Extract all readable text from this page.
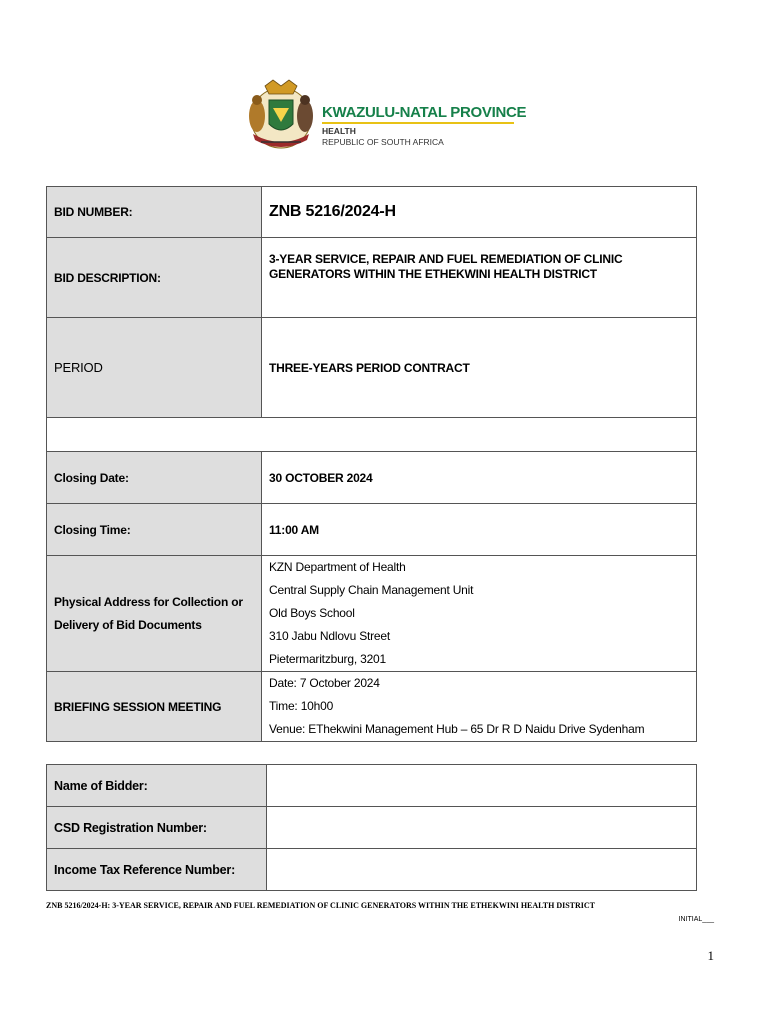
KWAZULU-NATAL PROVINCE
HEALTH
REPUBLIC OF SOUTH AFRICA
BID NUMBER:	ZNB 5216/2024-H
BID DESCRIPTION:	3-YEAR SERVICE, REPAIR AND FUEL REMEDIATION OF CLINIC
GENERATORS WITHIN THE ETHEKWINI HEALTH DISTRICT

PERIOD	THREE-YEARS PERIOD CONTRACT

Closing Date:	30 OCTOBER 2024
Closing Time:	11:00 AM

Physical Address for Collection or
Delivery of Bid Documents	KZN Department of Health
Central Supply Chain Management Unit
Old Boys School
310 Jabu Ndlovu Street
Pietermaritzburg, 3201

BRIEFING SESSION MEETING	Date: 7 October 2024
Time: 10h00
Venue: EThekwini Management Hub – 65 Dr R D Naidu Drive Sydenham
Name of Bidder:	
CSD Registration Number:	
Income Tax Reference Number:	
ZNB 5216/2024-H: 3-YEAR SERVICE, REPAIR AND FUEL REMEDIATION OF CLINIC GENERATORS WITHIN THE ETHEKWINI HEALTH DISTRICT
INITIAL___
1
